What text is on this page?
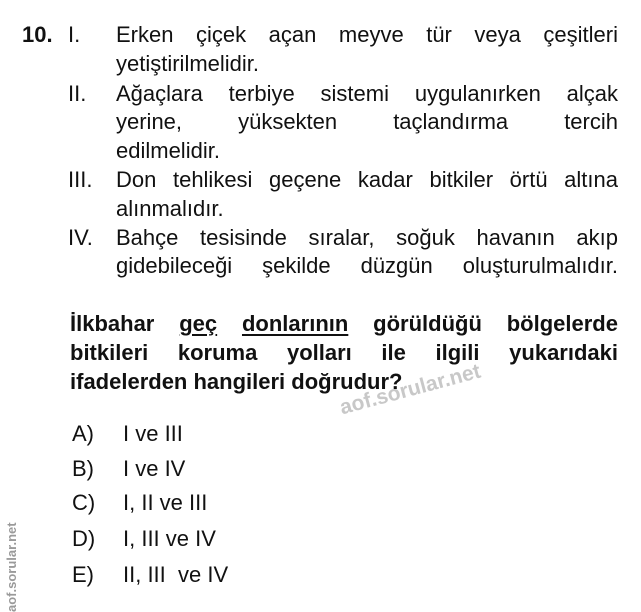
10. I. Erken çiçek açan meyve tür veya çeşitleri
yetiştirilmelidir.
II. Ağaçlara terbiye sistemi uygulanırken alçak
yerine, yüksekten taçlandırma tercih
edilmelidir.
III. Don tehlikesi geçene kadar bitkiler örtü altına
alınmalıdır.
IV. Bahçe tesisinde sıralar, soğuk havanın akıp
gidebileceği şekilde düzgün oluşturulmalıdır.
İlkbahar geç donlarının görüldüğü bölgelerde
bitkileri koruma yolları ile ilgili yukarıdaki
ifadelerden hangileri doğrudur?
aof.sorular.net
A) I ve III
B) I ve IV
C) I, II ve III
D) I, III ve IV
E) II, III  ve IV
aof.sorular.net
